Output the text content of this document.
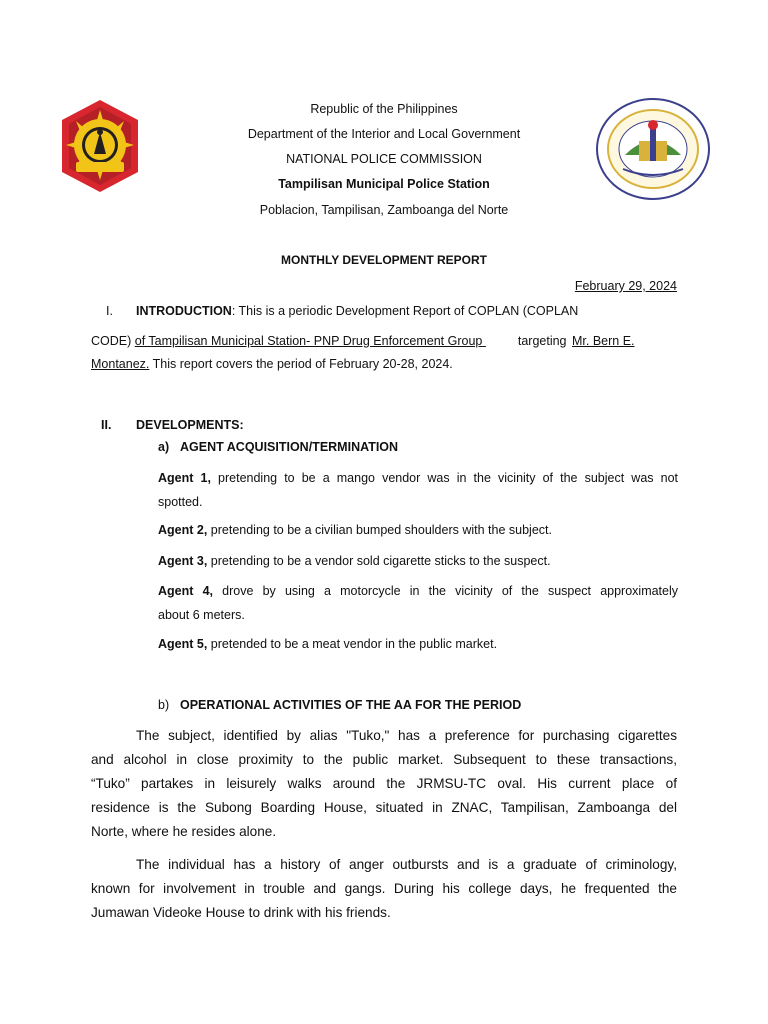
Republic of the Philippines
Department of the Interior and Local Government
NATIONAL POLICE COMMISSION
Tampilisan Municipal Police Station
Poblacion, Tampilisan, Zamboanga del Norte
MONTHLY DEVELOPMENT REPORT
February 29, 2024
I. INTRODUCTION: This is a periodic Development Report of COPLAN (COPLAN
CODE) of Tampilisan Municipal Station- PNP Drug Enforcement Group	targeting Mr. Bern E.
Montanez. This report covers the period of February 20-28, 2024.
II. DEVELOPMENTS:
a) AGENT ACQUISITION/TERMINATION
Agent 1, pretending to be a mango vendor was in the vicinity of the subject was not
spotted.
Agent 2, pretending to be a civilian bumped shoulders with the subject.
Agent 3, pretending to be a vendor sold cigarette sticks to the suspect.
Agent 4, drove by using a motorcycle in the vicinity of the suspect approximately
about 6 meters.
Agent 5, pretended to be a meat vendor in the public market.
b) OPERATIONAL ACTIVITIES OF THE AA FOR THE PERIOD
The subject, identified by alias "Tuko," has a preference for purchasing cigarettes
and alcohol in close proximity to the public market. Subsequent to these transactions,
“Tuko” partakes in leisurely walks around the JRMSU-TC oval. His current place of
residence is the Subong Boarding House, situated in ZNAC, Tampilisan, Zamboanga del
Norte, where he resides alone.
The individual has a history of anger outbursts and is a graduate of criminology,
known for involvement in trouble and gangs. During his college days, he frequented the
Jumawan Videoke House to drink with his friends.
